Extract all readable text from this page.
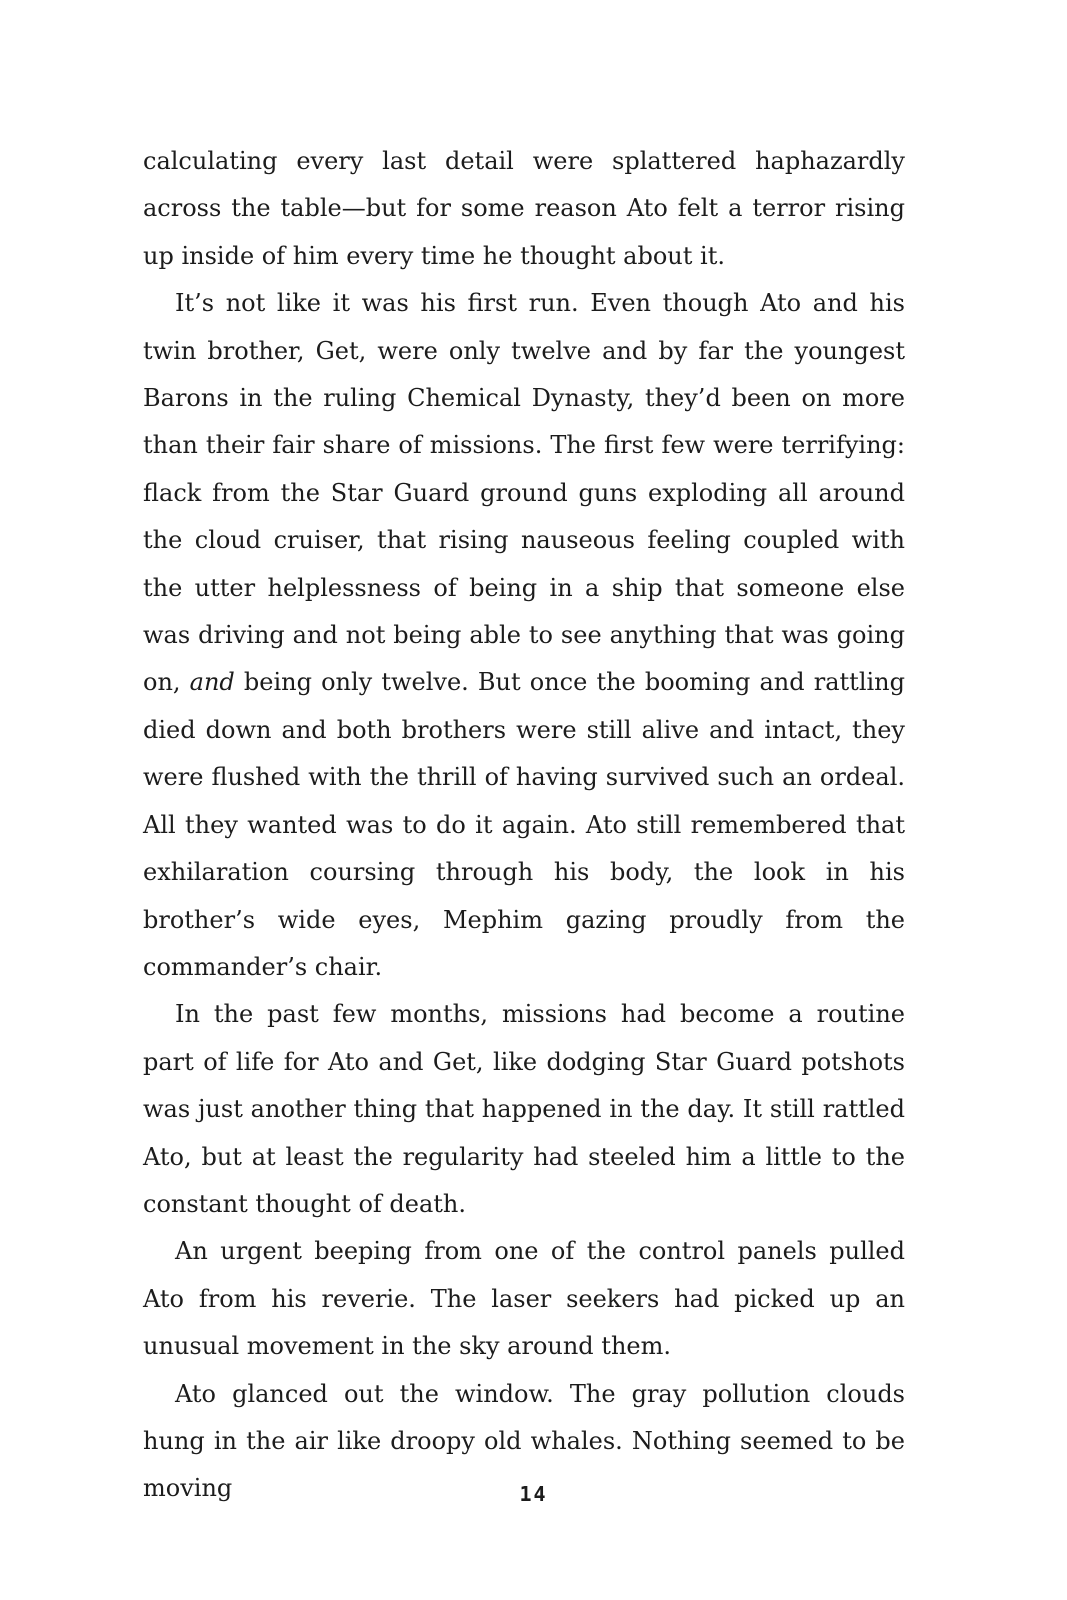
calculating every last detail were splattered haphazardly across the table—but for some reason Ato felt a terror rising up inside of him every time he thought about it.

It’s not like it was his first run. Even though Ato and his twin brother, Get, were only twelve and by far the youngest Barons in the ruling Chemical Dynasty, they’d been on more than their fair share of missions. The first few were terrifying: flack from the Star Guard ground guns exploding all around the cloud cruiser, that rising nauseous feeling coupled with the utter helplessness of being in a ship that someone else was driving and not being able to see anything that was going on, and being only twelve. But once the booming and rattling died down and both brothers were still alive and intact, they were flushed with the thrill of having survived such an ordeal. All they wanted was to do it again. Ato still remembered that exhilaration coursing through his body, the look in his brother’s wide eyes, Mephim gazing proudly from the commander’s chair.

In the past few months, missions had become a routine part of life for Ato and Get, like dodging Star Guard potshots was just another thing that happened in the day. It still rattled Ato, but at least the regularity had steeled him a little to the constant thought of death.

An urgent beeping from one of the control panels pulled Ato from his reverie. The laser seekers had picked up an unusual movement in the sky around them.

Ato glanced out the window. The gray pollution clouds hung in the air like droopy old whales. Nothing seemed to be moving	14
